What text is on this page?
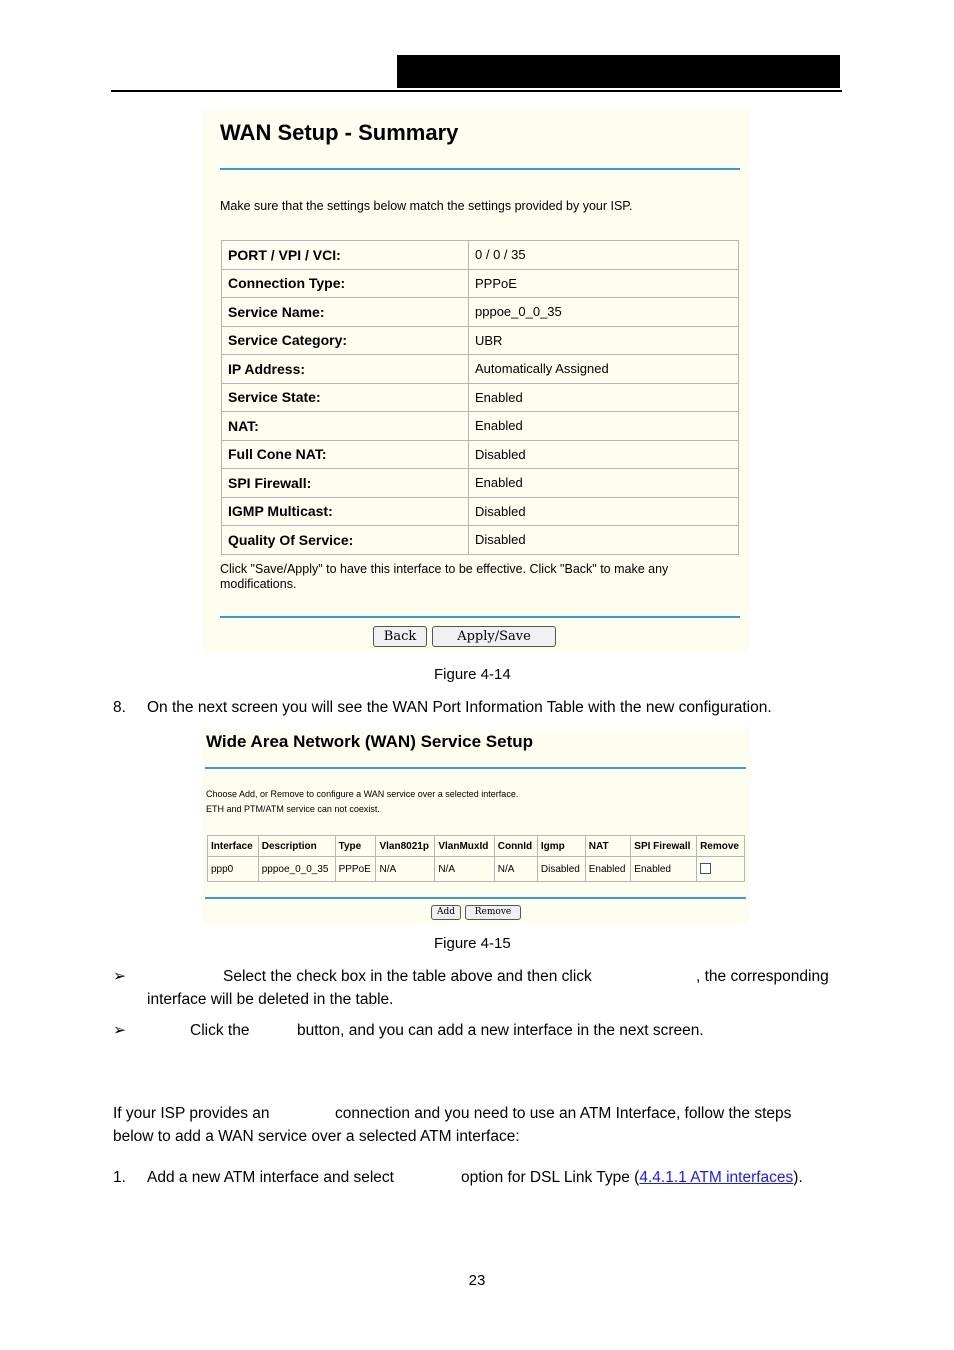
WAN Setup - Summary
Make sure that the settings below match the settings provided by your ISP.
PORT / VPI / VCI:	0 / 0 / 35
Connection Type:	PPPoE
Service Name:	pppoe_0_0_35
Service Category:	UBR
IP Address:	Automatically Assigned
Service State:	Enabled
NAT:	Enabled
Full Cone NAT:	Disabled
SPI Firewall:	Enabled
IGMP Multicast:	Disabled
Quality Of Service:	Disabled
Click "Save/Apply" to have this interface to be effective. Click "Back" to make any modifications.
Back	Apply/Save
Figure 4-14
8. On the next screen you will see the WAN Port Information Table with the new configuration.
Wide Area Network (WAN) Service Setup
Choose Add, or Remove to configure a WAN service over a selected interface.
ETH and PTM/ATM service can not coexist.
Interface	Description	Type	Vlan8021p	VlanMuxId	ConnId	Igmp	NAT	SPI Firewall	Remove
ppp0	pppoe_0_0_35	PPPoE	N/A	N/A	N/A	Disabled	Enabled	Enabled	
Add	Remove
Figure 4-15
➢	Select the check box in the table above and then click	, the corresponding
interface will be deleted in the table.
➢	Click the	button, and you can add a new interface in the next screen.
If your ISP provides an	connection and you need to use an ATM Interface, follow the steps
below to add a WAN service over a selected ATM interface:
1. Add a new ATM interface and select	option for DSL Link Type (4.4.1.1 ATM interfaces).
23
